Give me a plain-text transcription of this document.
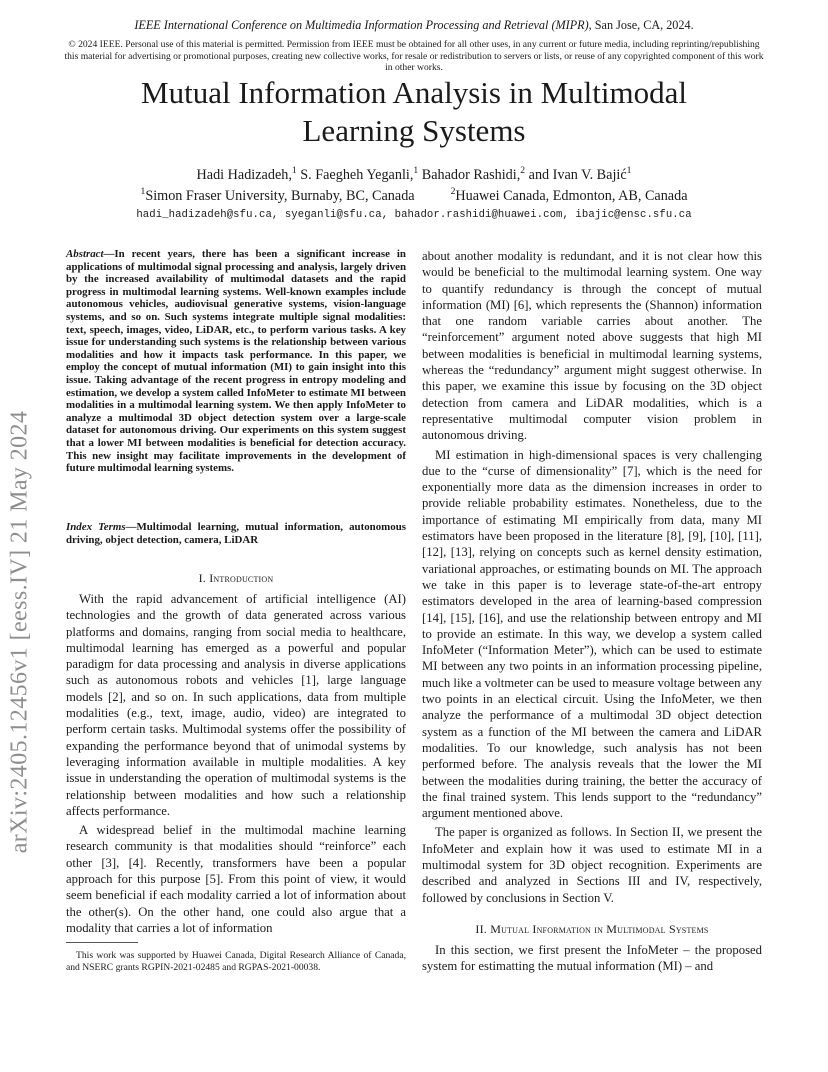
IEEE International Conference on Multimedia Information Processing and Retrieval (MIPR), San Jose, CA, 2024.
© 2024 IEEE. Personal use of this material is permitted. Permission from IEEE must be obtained for all other uses, in any current or future media, including reprinting/republishing this material for advertising or promotional purposes, creating new collective works, for resale or redistribution to servers or lists, or reuse of any copyrighted component of this work in other works.
Mutual Information Analysis in Multimodal
Learning Systems
Hadi Hadizadeh,$^1$ S. Faegheh Yeganli,$^1$ Bahador Rashidi,$^2$ and Ivan V. Bajić$^1$
$^1$Simon Fraser University, Burnaby, BC, Canada	$^2$Huawei Canada, Edmonton, AB, Canada
hadi_hadizadeh@sfu.ca, syeganli@sfu.ca, bahador.rashidi@huawei.com, ibajic@ensc.sfu.ca
arXiv:2405.12456v1 [eess.IV] 21 May 2024
Abstract—In recent years, there has been a significant increase in applications of multimodal signal processing and analysis, largely driven by the increased availability of multimodal datasets and the rapid progress in multimodal learning systems. Well-known examples include autonomous vehicles, audiovisual generative systems, vision-language systems, and so on. Such systems integrate multiple signal modalities: text, speech, images, video, LiDAR, etc., to perform various tasks. A key issue for understanding such systems is the relationship between various modalities and how it impacts task performance. In this paper, we employ the concept of mutual information (MI) to gain insight into this issue. Taking advantage of the recent progress in entropy modeling and estimation, we develop a system called InfoMeter to estimate MI between modalities in a multimodal learning system. We then apply InfoMeter to analyze a multimodal 3D object detection system over a large-scale dataset for autonomous driving. Our experiments on this system suggest that a lower MI between modalities is beneficial for detection accuracy. This new insight may facilitate improvements in the development of future multimodal learning systems.
Index Terms—Multimodal learning, mutual information, autonomous driving, object detection, camera, LiDAR
I. Introduction

With the rapid advancement of artificial intelligence (AI) technologies and the growth of data generated across various platforms and domains, ranging from social media to healthcare, multimodal learning has emerged as a powerful and popular paradigm for data processing and analysis in diverse applications such as autonomous robots and vehicles [1], large language models [2], and so on. In such applications, data from multiple modalities (e.g., text, image, audio, video) are integrated to perform certain tasks. Multimodal systems offer the possibility of expanding the performance beyond that of unimodal systems by leveraging information available in multiple modalities. A key issue in understanding the operation of multimodal systems is the relationship between modalities and how such a relationship affects performance.

A widespread belief in the multimodal machine learning research community is that modalities should “reinforce” each other [3], [4]. Recently, transformers have been a popular approach for this purpose [5]. From this point of view, it would seem beneficial if each modality carried a lot of information about the other(s). On the other hand, one could also argue that a modality that carries a lot of information

This work was supported by Huawei Canada, Digital Research Alliance of Canada, and NSERC grants RGPIN-2021-02485 and RGPAS-2021-00038.

about another modality is redundant, and it is not clear how this would be beneficial to the multimodal learning system. One way to quantify redundancy is through the concept of mutual information (MI) [6], which represents the (Shannon) information that one random variable carries about another. The “reinforcement” argument noted above suggests that high MI between modalities is beneficial in multimodal learning systems, whereas the “redundancy” argument might suggest otherwise. In this paper, we examine this issue by focusing on the 3D object detection from camera and LiDAR modalities, which is a representative multimodal computer vision problem in autonomous driving.

MI estimation in high-dimensional spaces is very challenging due to the “curse of dimensionality” [7], which is the need for exponentially more data as the dimension increases in order to provide reliable probability estimates. Nonetheless, due to the importance of estimating MI empirically from data, many MI estimators have been proposed in the literature [8], [9], [10], [11], [12], [13], relying on concepts such as kernel density estimation, variational approaches, or estimating bounds on MI. The approach we take in this paper is to leverage state-of-the-art entropy estimators developed in the area of learning-based compression [14], [15], [16], and use the relationship between entropy and MI to provide an estimate. In this way, we develop a system called InfoMeter (“Information Meter”), which can be used to estimate MI between any two points in an information processing pipeline, much like a voltmeter can be used to measure voltage between any two points in an electical circuit. Using the InfoMeter, we then analyze the performance of a multimodal 3D object detection system as a function of the MI between the camera and LiDAR modalities. To our knowledge, such analysis has not been performed before. The analysis reveals that the lower the MI between the modalities during training, the better the accuracy of the final trained system. This lends support to the “redundancy” argument mentioned above.

The paper is organized as follows. In Section II, we present the InfoMeter and explain how it was used to estimate MI in a multimodal system for 3D object recognition. Experiments are described and analyzed in Sections III and IV, respectively, followed by conclusions in Section V.

II. Mutual Information in Multimodal Systems

In this section, we first present the InfoMeter – the proposed system for estimatting the mutual information (MI) – and
